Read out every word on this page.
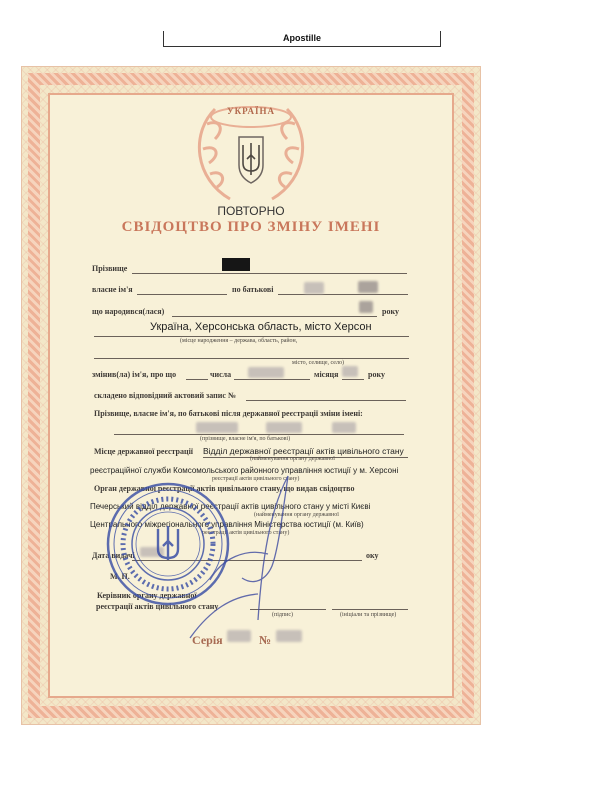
Apostille
УКРАЇНА
ПОВТОРНО
СВІДОЦТВО ПРО ЗМІНУ ІМЕНІ
Прізвище
власне ім'я	по батькові
що народився(лася)	року
Україна, Херсонська область, місто Херсон
(місце народження – держава, область, район,
місто, селище, село)
змінив(ла) ім'я, про що	числа	місяця	року
складено відповідний актовий запис №
Прізвище, власне ім'я, по батькові після державної реєстрації зміни імені:
(прізвище, власне ім'я, по батькові)
Місце державної реєстрації Відділ державної реєстрації актів цивільного стану
(найменування органу державної
реєстраційної служби Комсомольського районного управління юстиції у м. Херсоні
реєстрації актів цивільного стану)
Орган державної реєстрації актів цивільного стану, що видав свідоцтво
Печерський відділ державної реєстрації актів цивільного стану у місті Києві
(найменування органу державної
Центрального міжрегіонального управління Міністерства юстиції (м. Київ)
реєстрації актів цивільного стану)
Дата видачі	оку
М. П.
Керівник органу державної
реєстрації актів цивільного стану
(підпис)	(ініціали та прізвище)
Серія	№
